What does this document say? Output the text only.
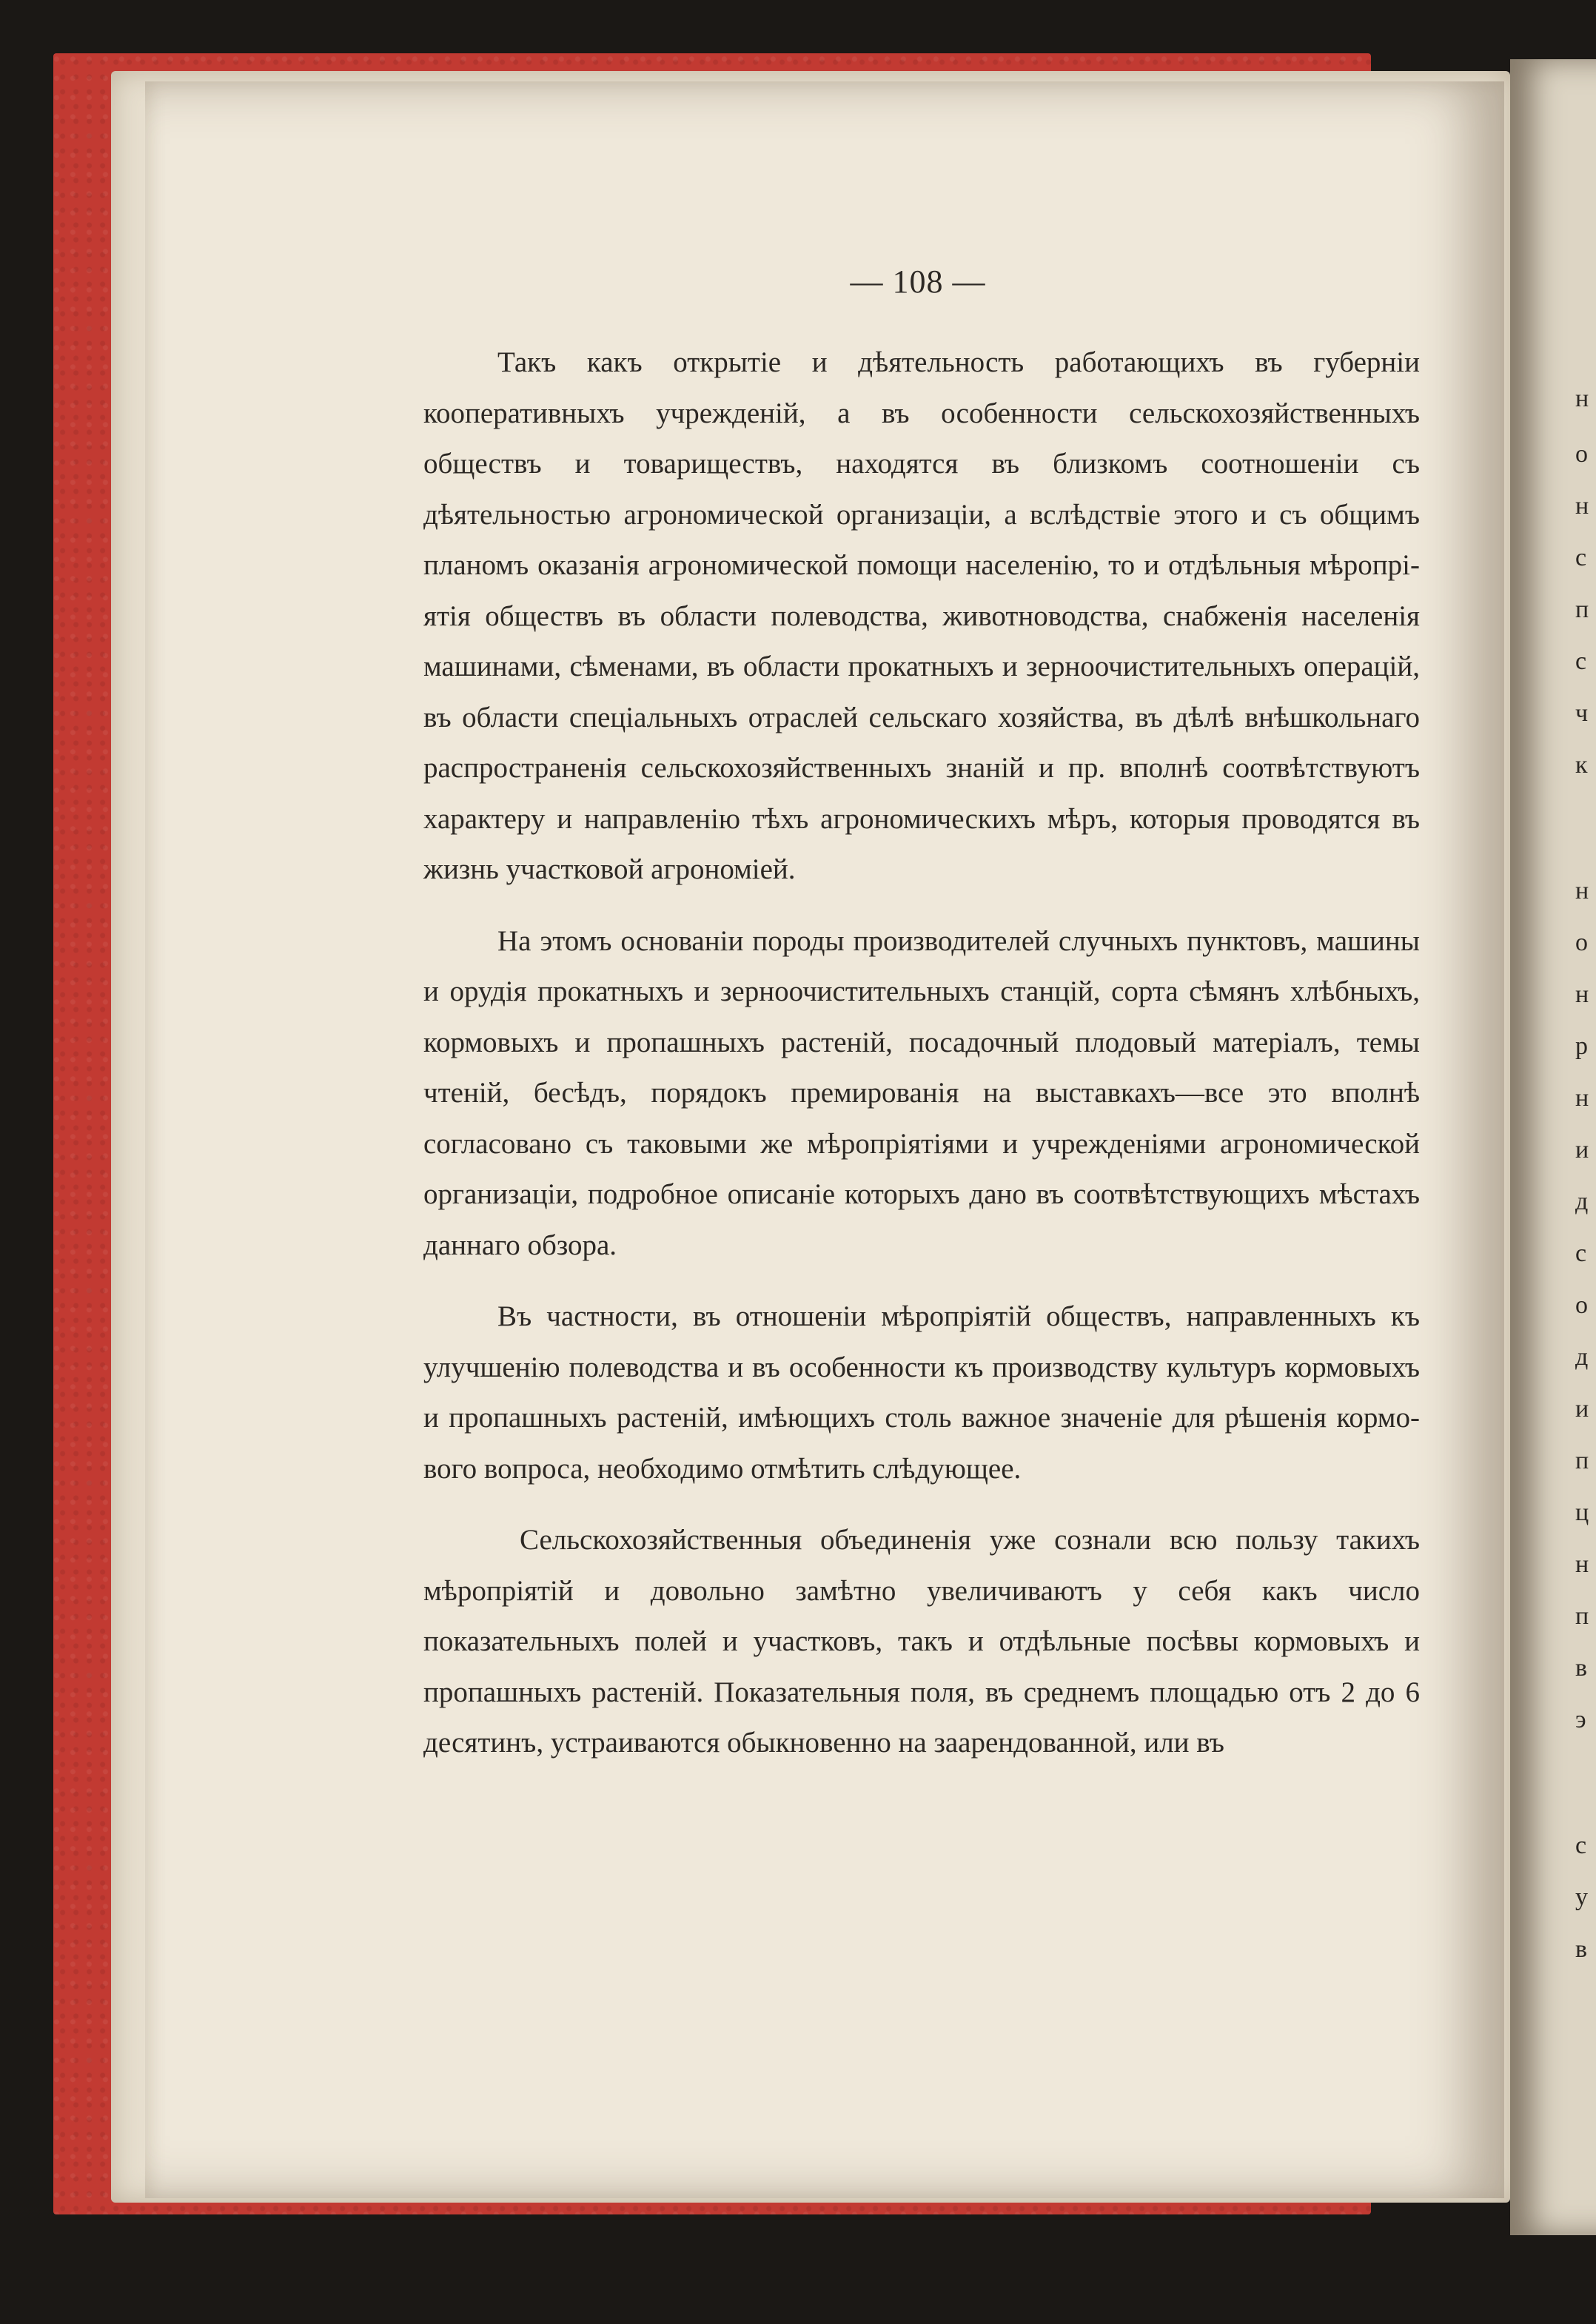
н
о
н
с
п
с
ч
к
н
о
н
р
н
и
д
с
о
д
и
п
ц
н
п
в
э
с
у
в
— 108 —

Такъ какъ открытіе и дѣятельность работающихъ въ губерніи кооперативныхъ учрежденій, а въ особенности сельскохозяйственныхъ обществъ и товариществъ, находятся въ близкомъ соотношеніи съ дѣятельностью агрономической организаціи, а вслѣдствіе этого и съ общимъ планомъ оказанія агрономической помощи населенію, то и отдѣльныя мѣропріятія обществъ въ области полеводства, животноводства, снабженія населенія машинами, сѣменами, въ области прокатныхъ и зерноочистительныхъ операцій, въ области спеціальныхъ отраслей сельскаго хозяйства, въ дѣлѣ внѣшкольнаго распространенія сельскохозяйственныхъ знаній и пр. вполнѣ соотвѣтствуютъ характеру и направленію тѣхъ агрономическихъ мѣръ, которыя проводятся въ жизнь участковой агрономіей.

На этомъ основаніи породы производителей случныхъ пунктовъ, машины и орудія прокатныхъ и зерноочистительныхъ станцій, сорта сѣмянъ хлѣбныхъ, кормовыхъ и пропашныхъ растеній, посадочный плодовый матеріалъ, темы чтеній, бесѣдъ, порядокъ премированія на выставкахъ—все это вполнѣ согласовано съ таковыми же мѣропріятіями и учрежденiями агрономической организаціи, подробное описаніе которыхъ дано въ соотвѣтствующихъ мѣстахъ даннаго обзора.

Въ частности, въ отношеніи мѣропріятій обществъ, направленныхъ къ улучшенію полеводства и въ особенности къ производству культуръ кормовыхъ и пропашныхъ растеній, имѣющихъ столь важное значеніе для рѣшенія кормового вопроса, необходимо отмѣтить слѣдующее.

Сельскохозяйственныя объединенія уже сознали всю пользу такихъ мѣропріятій и довольно замѣтно увеличиваютъ у себя какъ число показательныхъ полей и участковъ, такъ и отдѣльные посѣвы кормовыхъ и пропашныхъ растеній. Показательныя поля, въ среднемъ площадью отъ 2 до 6 десятинъ, устраиваются обыкновенно на заарендованной, или въ
